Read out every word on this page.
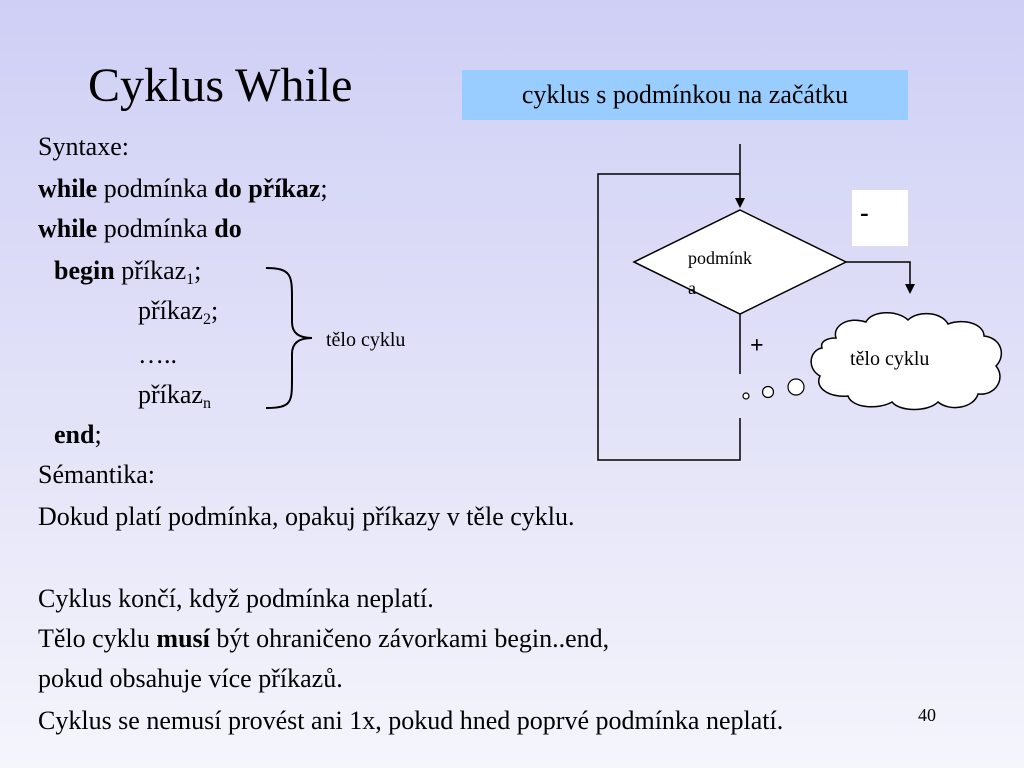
Cyklus While	cyklus s podmínkou na začátku
Syntaxe:
while podmínka do příkaz;
while podmínka do
begin příkaz$_1$;
příkaz$_2$;
…..
příkaz$_n$
end;
tělo cyklu
Sémantika:
Dokud platí podmínka, opakuj příkazy v těle cyklu.
Cyklus končí, když podmínka neplatí.
Tělo cyklu musí být ohraničeno závorkami begin..end,
pokud obsahuje více příkazů.
40
Cyklus se nemusí provést ani 1x, pokud hned poprvé podmínka neplatí.
-
+
podmínk
a
tělo cyklu
